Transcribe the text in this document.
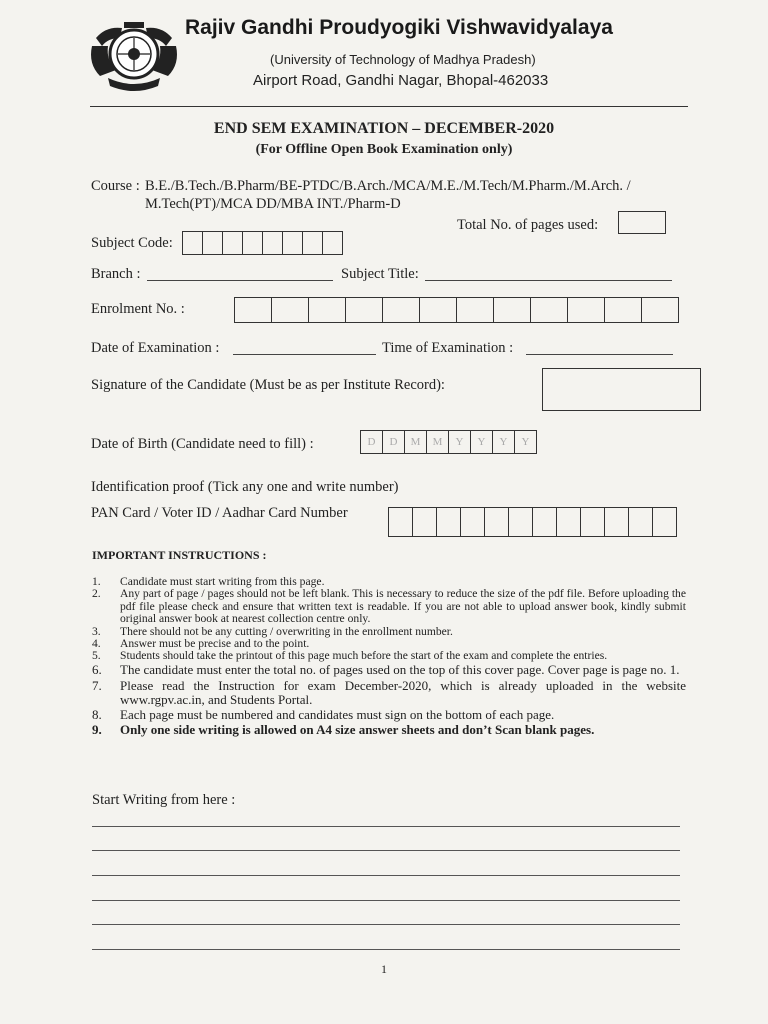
Rajiv Gandhi Proudyogiki Vishwavidyalaya
(University of Technology of Madhya Pradesh)
Airport Road, Gandhi Nagar, Bhopal-462033
END SEM EXAMINATION – DECEMBER-2020
(For Offline Open Book Examination only)
Course : B.E./B.Tech./B.Pharm/BE-PTDC/B.Arch./MCA/M.E./M.Tech/M.Pharm./M.Arch. /
M.Tech(PT)/MCA DD/MBA INT./Pharm-D
Total No. of pages used:
Subject Code:
Branch :	Subject Title:
Enrolment No. :
Date of Examination :	Time of Examination :
Signature of the Candidate (Must be as per Institute Record):
Date of Birth (Candidate need to fill) :	D	D	M	M	Y	Y	Y	Y
Identification proof (Tick any one and write number)
PAN Card / Voter ID / Aadhar Card Number
IMPORTANT INSTRUCTIONS :
1.	Candidate must start writing from this page.
2.	Any part of page / pages should not be left blank. This is necessary to reduce the size of the pdf file. Before uploading the pdf file please check and ensure that written text is readable. If you are not able to upload answer book, kindly submit original answer book at nearest collection centre only.
3.	There should not be any cutting / overwriting in the enrollment number.
4.	Answer must be precise and to the point.
5.	Students should take the printout of this page much before the start of the exam and complete the entries.
6.	The candidate must enter the total no. of pages used on the top of this cover page. Cover page is page no. 1.
7.	Please read the Instruction for exam December-2020, which is already uploaded in the website www.rgpv.ac.in, and Students Portal.
8.	Each page must be numbered and candidates must sign on the bottom of each page.
9.	Only one side writing is allowed on A4 size answer sheets and don’t Scan blank pages.
Start Writing from here :
1
